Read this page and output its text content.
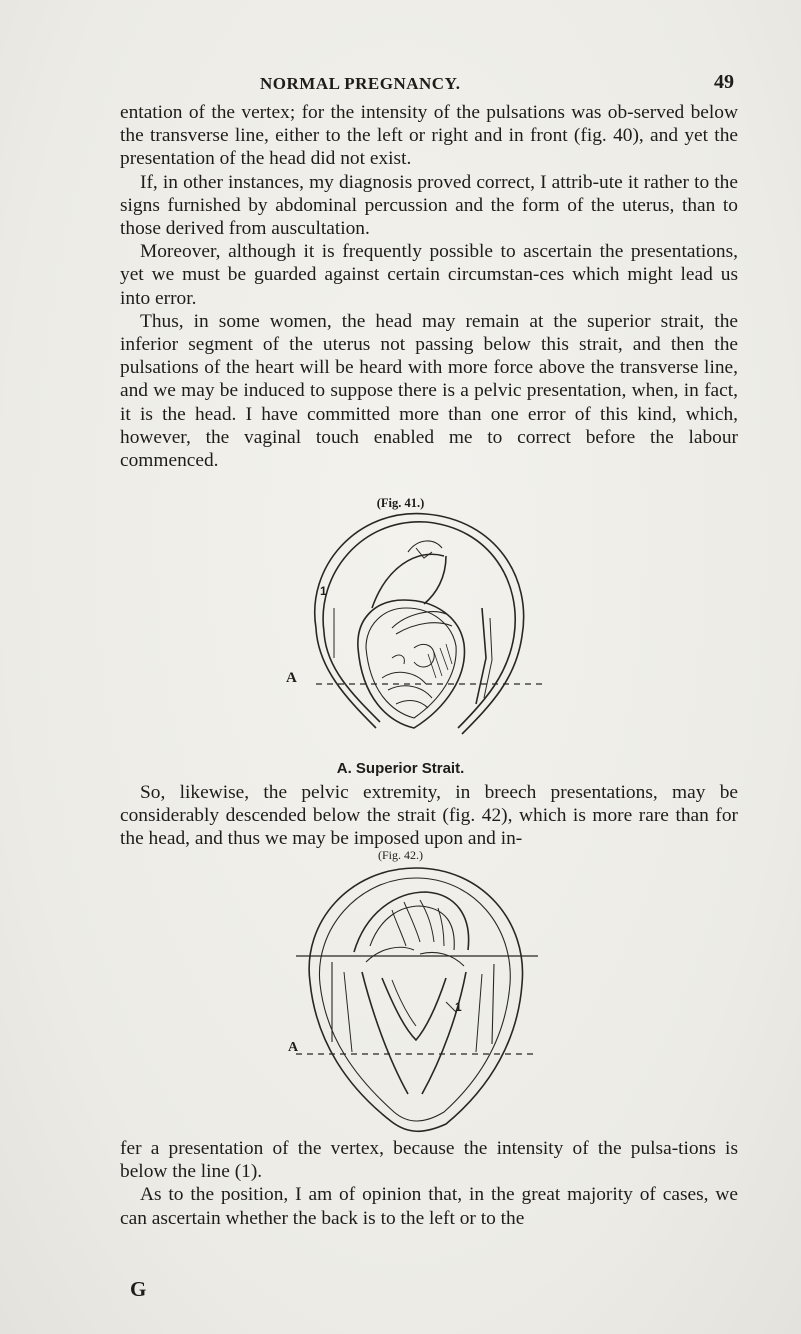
NORMAL PREGNANCY.	49

entation of the vertex; for the intensity of the pulsations was ob-served below the transverse line, either to the left or right and in front (fig. 40), and yet the presentation of the head did not exist.

If, in other instances, my diagnosis proved correct, I attrib-ute it rather to the signs furnished by abdominal percussion and the form of the uterus, than to those derived from auscultation.

Moreover, although it is frequently possible to ascertain the presentations, yet we must be guarded against certain circumstan-ces which might lead us into error.

Thus, in some women, the head may remain at the superior strait, the inferior segment of the uterus not passing below this strait, and then the pulsations of the heart will be heard with more force above the transverse line, and we may be induced to suppose there is a pelvic presentation, when, in fact, it is the head. I have committed more than one error of this kind, which, however, the vaginal touch enabled me to correct before the labour commenced.

(Fig. 41.)
A
1
A. Superior Strait.

So, likewise, the pelvic extremity, in breech presentations, may be considerably descended below the strait (fig. 42), which is more rare than for the head, and thus we may be imposed upon and in-

(Fig. 42.)
A
1

fer a presentation of the vertex, because the intensity of the pulsa-tions is below the line (1).

As to the position, I am of opinion that, in the great majority of cases, we can ascertain whether the back is to the left or to the

G
